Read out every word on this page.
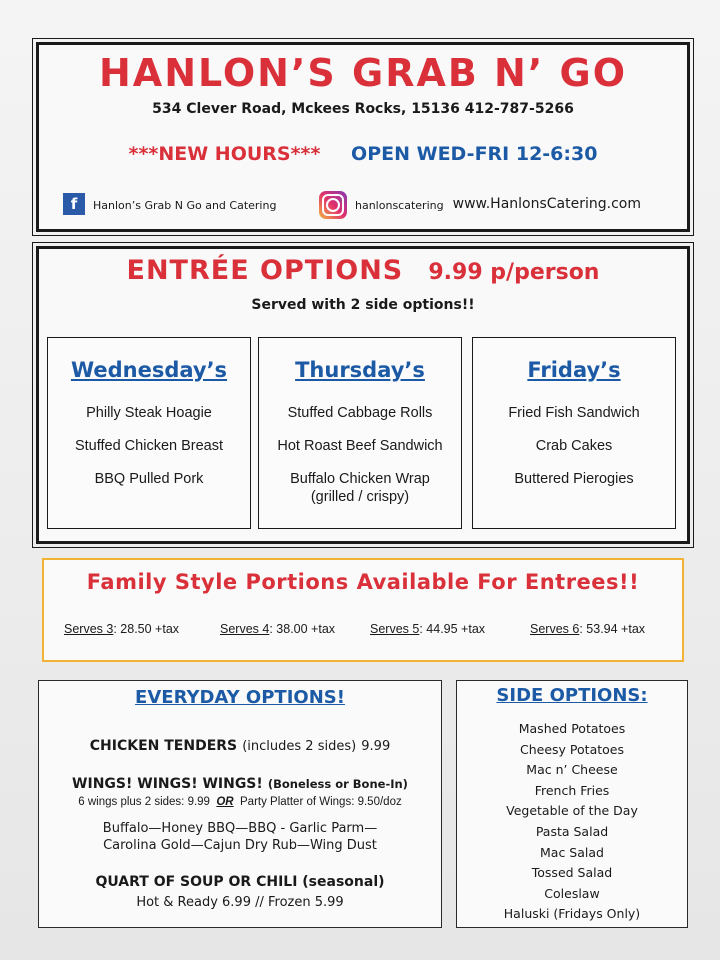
HANLON’S GRAB N’ GO
534 Clever Road, Mckees Rocks, 15136 412-787-5266
***NEW HOURS*** OPEN WED-FRI 12-6:30
f	Hanlon’s Grab N Go and Catering	hanlonscatering www.HanlonsCatering.com
ENTRÉE OPTIONS 9.99 p/person
Served with 2 side options!!
Wednesday’s
Philly Steak Hoagie
Stuffed Chicken Breast
BBQ Pulled Pork
Thursday’s
Stuffed Cabbage Rolls
Hot Roast Beef Sandwich
Buffalo Chicken Wrap
(grilled / crispy)
Friday’s
Fried Fish Sandwich
Crab Cakes
Buttered Pierogies
Family Style Portions Available For Entrees!!
Serves 3: 28.50 +tax	Serves 4: 38.00 +tax	Serves 5: 44.95 +tax	Serves 6: 53.94 +tax
EVERYDAY OPTIONS!
CHICKEN TENDERS (includes 2 sides) 9.99
WINGS! WINGS! WINGS! (Boneless or Bone-In)
6 wings plus 2 sides: 9.99 OR Party Platter of Wings: 9.50/doz
Buffalo—Honey BBQ—BBQ - Garlic Parm—
Carolina Gold—Cajun Dry Rub—Wing Dust
QUART OF SOUP OR CHILI (seasonal)
Hot & Ready 6.99 // Frozen 5.99
SIDE OPTIONS:
Mashed Potatoes
Cheesy Potatoes
Mac n’ Cheese
French Fries
Vegetable of the Day
Pasta Salad
Mac Salad
Tossed Salad
Coleslaw
Haluski (Fridays Only)
